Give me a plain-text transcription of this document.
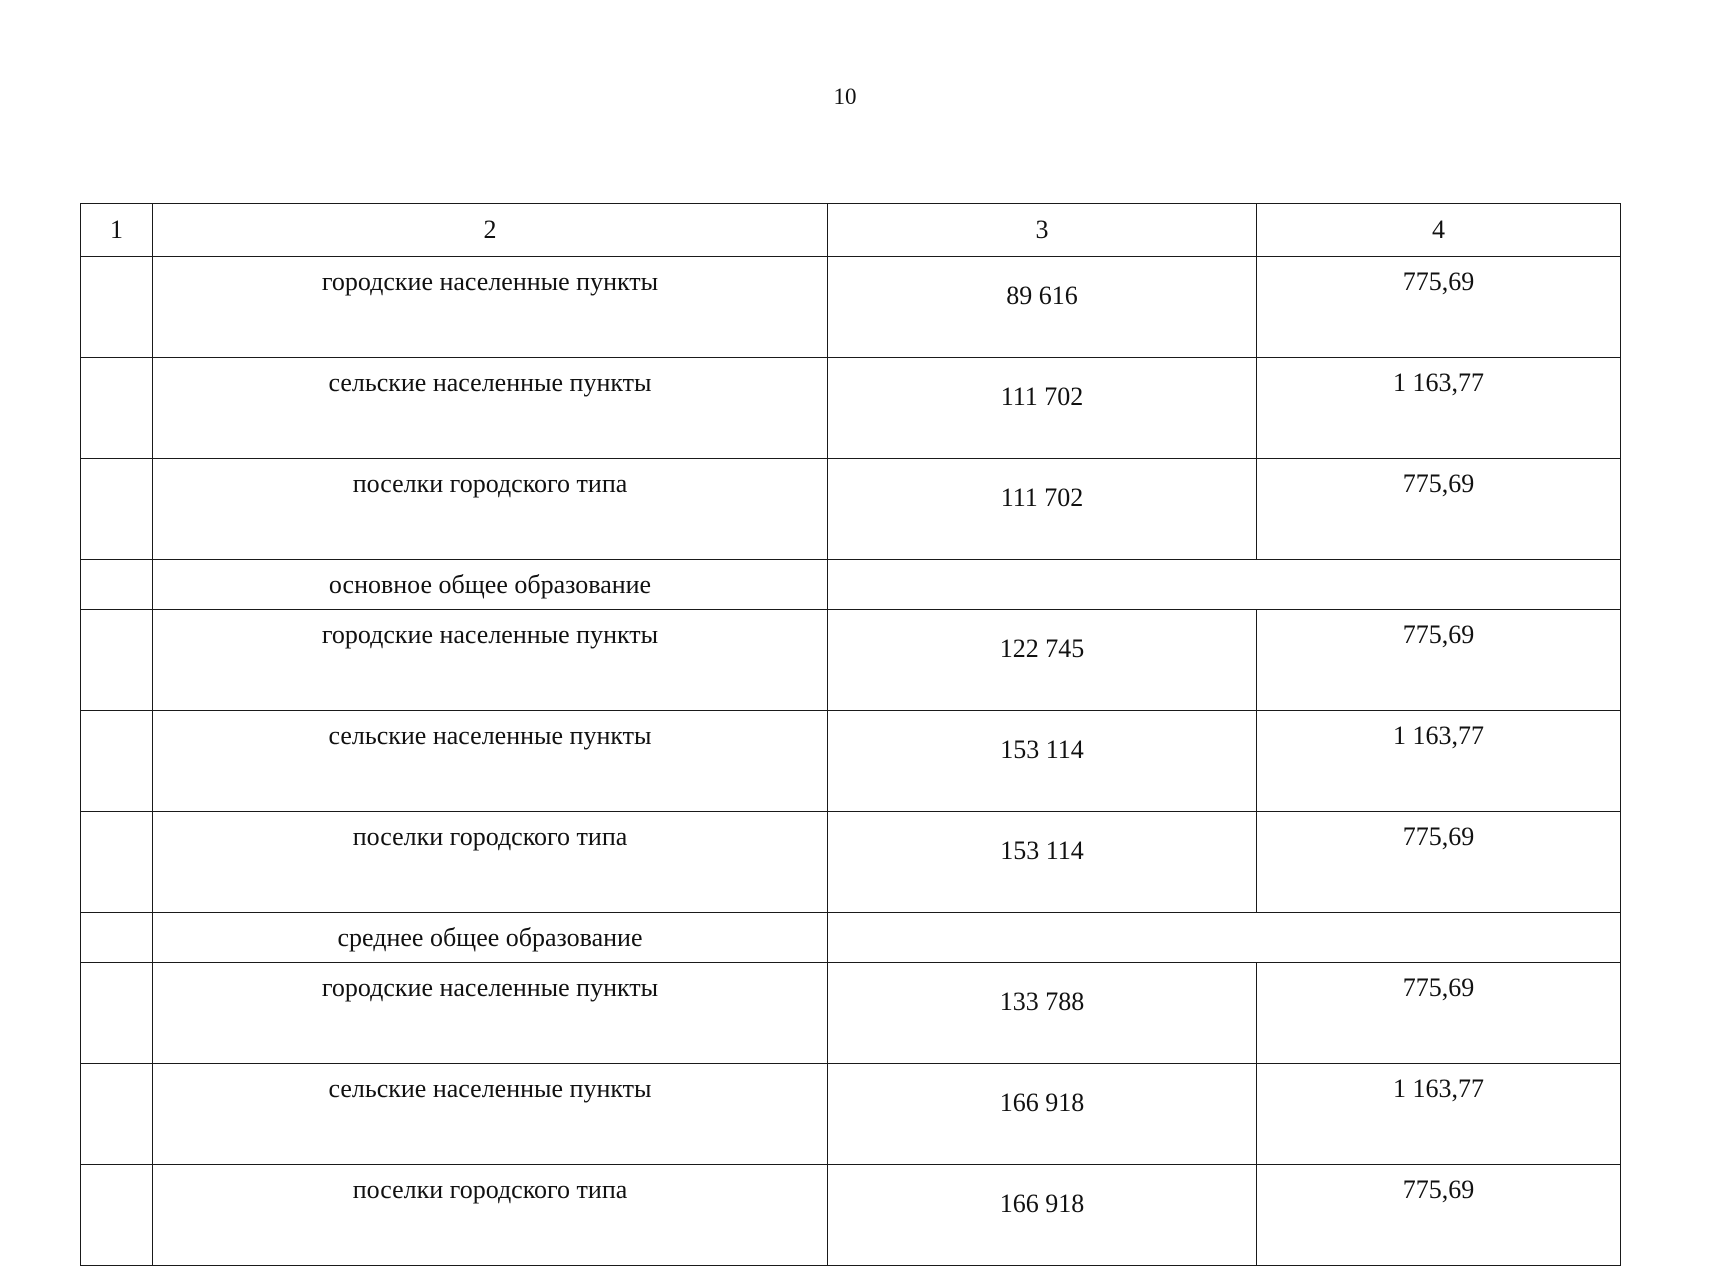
10
1	2	3	4
	городские населенные пункты	89 616	775,69
	сельские населенные пункты	111 702	1 163,77
	поселки городского типа	111 702	775,69
	основное общее образование		
	городские населенные пункты	122 745	775,69
	сельские населенные пункты	153 114	1 163,77
	поселки городского типа	153 114	775,69
	среднее общее образование		
	городские населенные пункты	133 788	775,69
	сельские населенные пункты	166 918	1 163,77
	поселки городского типа	166 918	775,69
